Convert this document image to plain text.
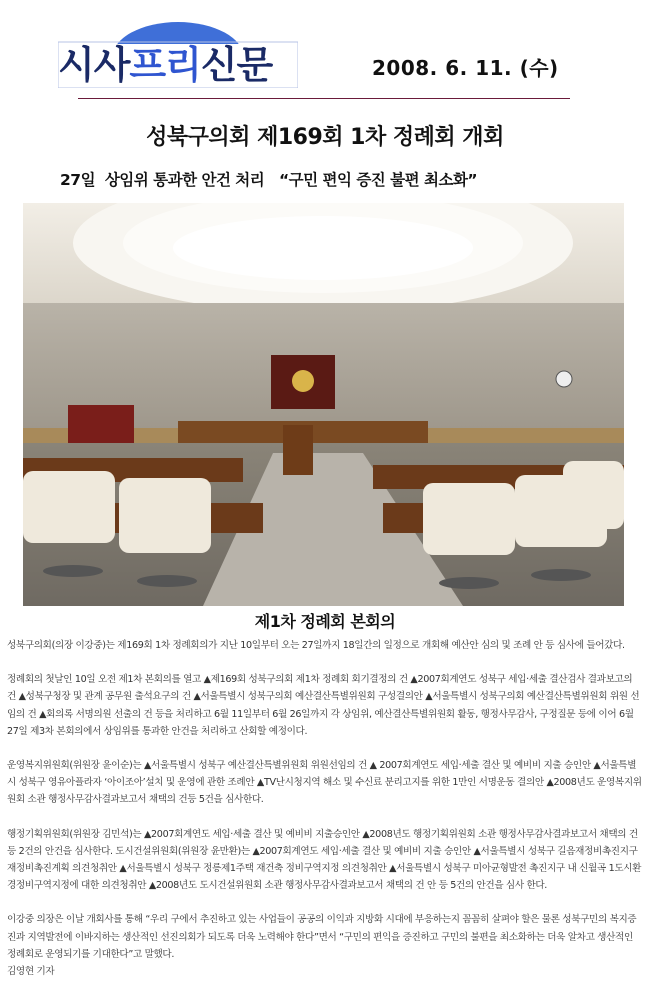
시사프리신문	2008. 6. 11. (수)
성북구의회 제169회 1차 정례회 개회
27일  상임위 통과한 안건 처리   “구민 편익 증진 불편 최소화”
제1차 정례회 본회의

성북구의회(의장 이강중)는 제169회 1차 정례회의가 지난 10일부터 오는 27일까지 18일간의 일정으로 개회해 예산안 심의 및 조례 안 등 심사에 들어갔다.

정례회의 첫날인 10일 오전 제1차 본회의를 열고 ▲제169회 성북구의회 제1차 정례회 회기결정의 건 ▲2007회계연도 성북구 세입·세출 결산검사 결과보고의 건 ▲성북구청장 및 관계 공무원 출석요구의 건 ▲서울특별시 성북구의회 예산결산특별위원회 구성결의안 ▲서울특별시 성북구의회 예산결산특별위원회 위원 선임의 건 ▲회의록 서명의원 선출의 건 등을 처리하고 6월 11일부터 6월 26일까지 각 상임위, 예산결산특별위원회 활동, 행정사무감사, 구정질문 등에 이어 6월 27일 제3차 본회의에서 상임위를 통과한 안건을 처리하고 산회할 예정이다.

운영복지위원회(위원장 윤이순)는 ▲서울특별시 성북구 예산결산특별위원회 위원선임의 건 ▲ 2007회계연도 세입·세출 결산 및 예비비 지출 승인안 ▲서울특별시 성북구 영유아플라자 ‘아이조아’설치 및 운영에 관한 조례안 ▲TV난시청지역 해소 및 수신료 분리고지를 위한 1만인 서명운동 결의안 ▲2008년도 운영복지위원회 소관 행정사무감사결과보고서 채택의 건등 5건을 심사한다.

행정기획위원회(위원장 김민석)는 ▲2007회계연도 세입·세출 결산 및 예비비 지출승인안 ▲2008년도 행정기획위원회 소관 행정사무감사결과보고서 채택의 건등 2건의 안건을 심사한다. 도시건설위원회(위원장 윤만환)는 ▲2007회계연도 세입·세출 결산 및 예비비 지출 승인안 ▲서울특별시 성북구 길음재정비촉진지구재정비촉진계획 의견청취안 ▲서울특별시 성북구 정릉제1주택 재건축 정비구역지정 의견청취안 ▲서울특별시 성북구 미아균형발전 촉진지구 내 신월곡 1도시환경정비구역지정에 대한 의견청취안 ▲2008년도 도시건설위원회 소관 행정사무감사결과보고서 채택의 건 안 등 5건의 안건을 심사 한다.

이강중 의장은 이날 개회사를 통해 “우리 구에서 추진하고 있는 사업들이 공공의 이익과 지방화 시대에 부응하는지 꼼꼼히 살펴야 할은 물론 성북구민의 복지증진과 지역발전에 이바지하는 생산적인 선진의회가 되도록 더욱 노력해야 한다”면서 “구민의 편익을 증진하고 구민의 불편을 최소화하는 더욱 알차고 생산적인 정례회로 운영되기를 기대한다”고 말했다.

김영현 기자
